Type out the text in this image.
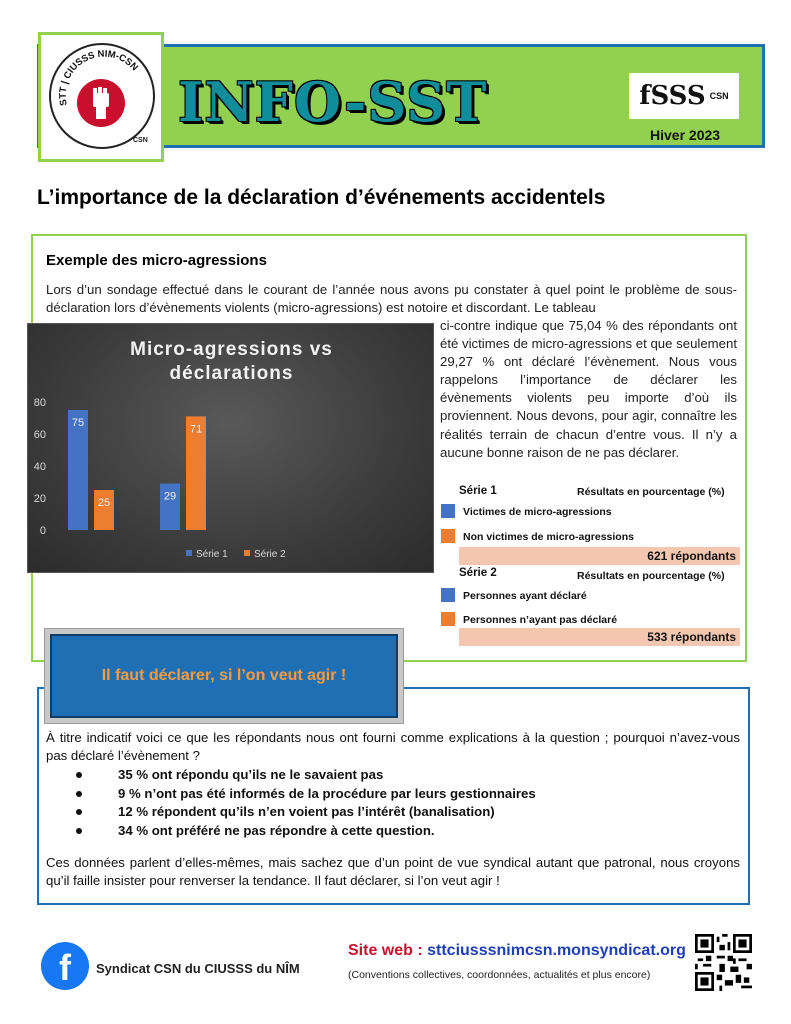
STT | CIUSSS NIM-CSN
CSN
INFO-SST	fSSS CSN
Hiver 2023
L’importance de la déclaration d’événements accidentels
Exemple des micro-agressions
Lors d’un sondage effectué dans le courant de l’année nous avons pu constater à quel point le problème de sous-déclaration lors d’évènements violents (micro-agressions) est notoire et discordant. Le tableau
ci-contre indique que 75,04 % des répondants ont été victimes de micro-agressions et que seulement 29,27 % ont déclaré l’évènement. Nous vous rappelons l’importance de déclarer les évènements violents peu importe d’où ils proviennent. Nous devons, pour agir, connaître les réalités terrain de chacun d’entre vous. Il n’y a aucune bonne raison de ne pas déclarer.
Micro-agressions vs
déclarations
0
20
40
60
80
75
25
29
71
Série 1	Série 2
Série 1	Résultats en pourcentage (%)
Victimes de micro-agressions
Non victimes de micro-agressions
621 répondants
Série 2	Résultats en pourcentage (%)
Personnes ayant déclaré
Personnes n’ayant pas déclaré
533 répondants
Il faut déclarer, si l’on veut agir !
À titre indicatif voici ce que les répondants nous ont fourni comme explications à la question ; pourquoi n’avez-vous pas déclaré l’évènement ?
35 % ont répondu qu’ils ne le savaient pas
9 % n’ont pas été informés de la procédure par leurs gestionnaires
12 % répondent qu’ils n’en voient pas l’intérêt (banalisation)
34 % ont préféré ne pas répondre à cette question.
Ces données parlent d’elles-mêmes, mais sachez que d’un point de vue syndical autant que patronal, nous croyons qu’il faille insister pour renverser la tendance. Il faut déclarer, si l’on veut agir !
f	Syndicat CSN du CIUSSS du NÎM
Site web : sttciusssnimcsn.monsyndicat.org
(Conventions collectives, coordonnées, actualités et plus encore)
